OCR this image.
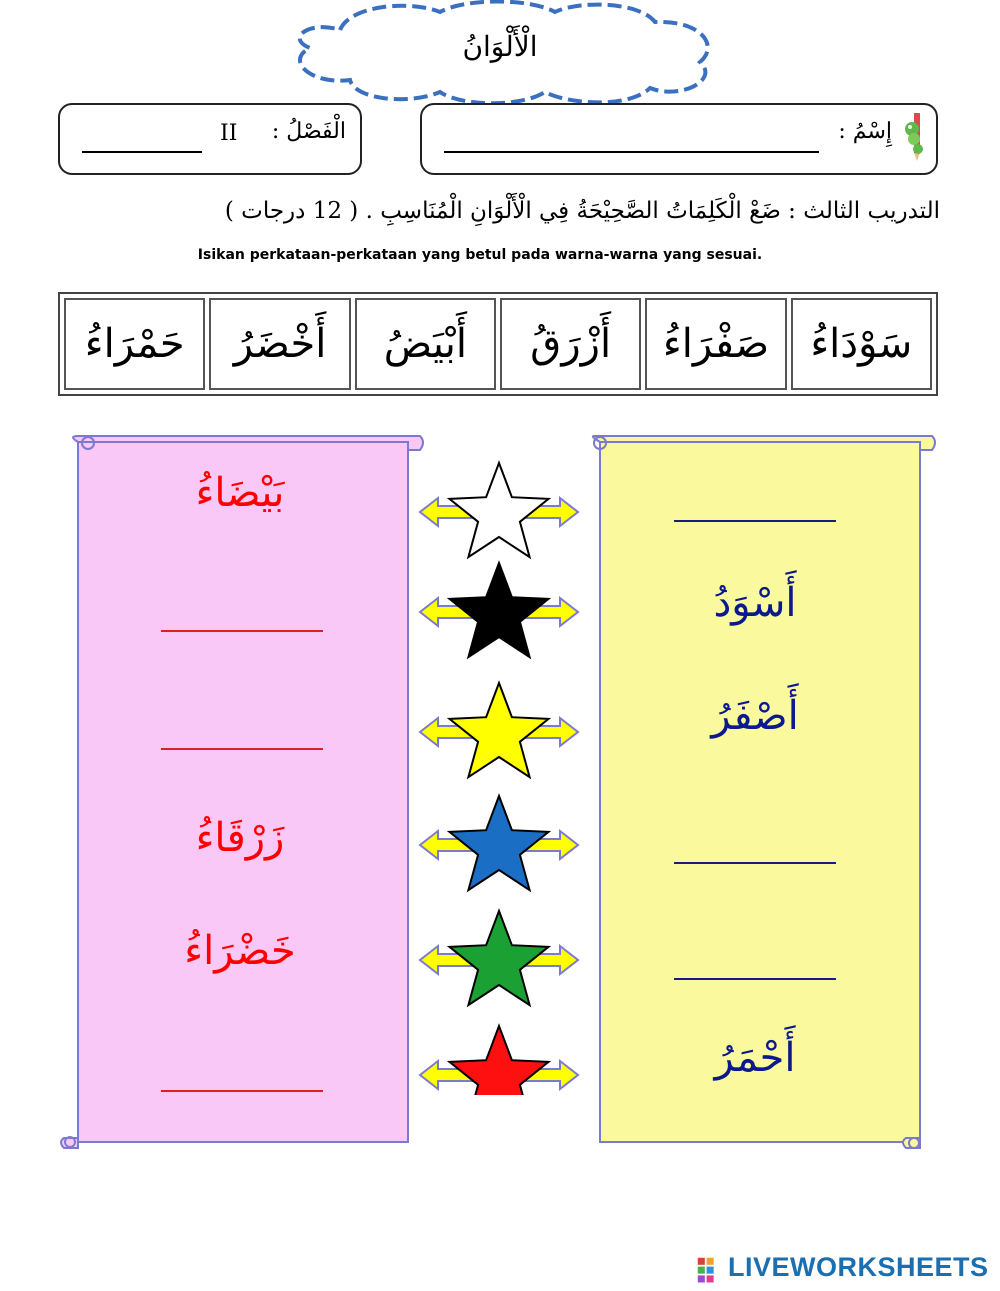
الْأَلْوَانُ
الْفَصْلُ :
II	إِسْمُ :
التدريب الثالث : ضَعْ الْكَلِمَاتُ الصَّحِيْحَةُ فِي الْأَلْوَانِ الْمُنَاسِبِ . ( 12 درجات )
Isikan perkataan-perkataan yang betul pada warna-warna yang sesuai.
سَوْدَاءُ
صَفْرَاءُ
أَزْرَقُ
أَبْيَضُ
أَخْضَرُ
حَمْرَاءُ
بَيْضَاءُ
زَرْقَاءُ
خَضْرَاءُ
أَسْوَدُ
أَصْفَرُ
أَحْمَرُ
LIVEWORKSHEETS
